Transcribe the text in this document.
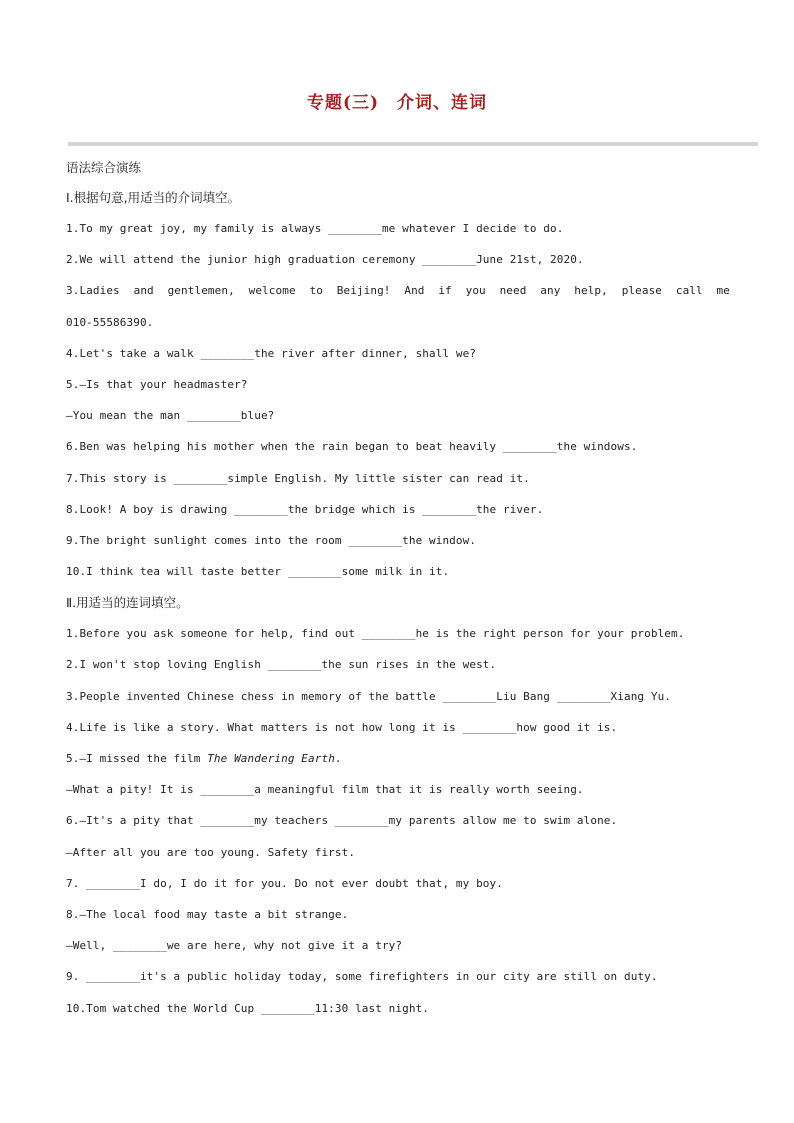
专题(三)　介词、连词
语法综合演练
Ⅰ.根据句意,用适当的介词填空。
1.To my great joy, my family is always ________me whatever I decide to do.
2.We will attend the junior high graduation ceremony ________June 21st, 2020.
3.Ladies and gentlemen, welcome to Beijing! And if you need any help, please call me
010-55586390.
4.Let's take a walk ________the river after dinner, shall we?
5.—Is that your headmaster?
—You mean the man ________blue?
6.Ben was helping his mother when the rain began to beat heavily ________the windows.
7.This story is ________simple English. My little sister can read it.
8.Look! A boy is drawing ________the bridge which is ________the river.
9.The bright sunlight comes into the room ________the window.
10.I think tea will taste better ________some milk in it.
Ⅱ.用适当的连词填空。
1.Before you ask someone for help, find out ________he is the right person for your problem.
2.I won't stop loving English ________the sun rises in the west.
3.People invented Chinese chess in memory of the battle ________Liu Bang ________Xiang Yu.
4.Life is like a story. What matters is not how long it is ________how good it is.
5.—I missed the film The Wandering Earth.
—What a pity! It is ________a meaningful film that it is really worth seeing.
6.—It's a pity that ________my teachers ________my parents allow me to swim alone.
—After all you are too young. Safety first.
7. ________I do, I do it for you. Do not ever doubt that, my boy.
8.—The local food may taste a bit strange.
—Well, ________we are here, why not give it a try?
9. ________it's a public holiday today, some firefighters in our city are still on duty.
10.Tom watched the World Cup ________11:30 last night.
